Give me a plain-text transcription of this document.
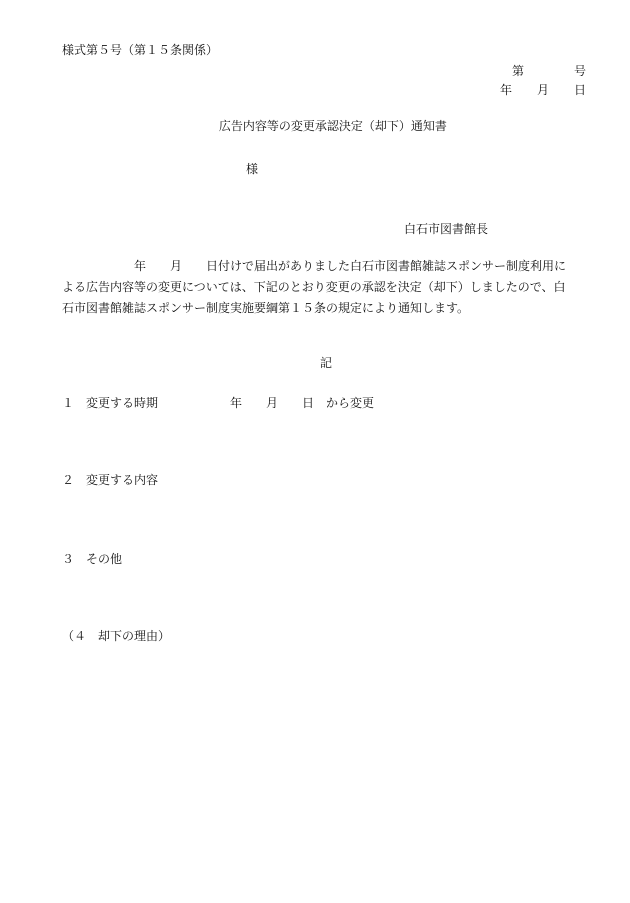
様式第５号（第１５条関係）
第	号
年 月 日

広告内容等の変更承認決定（却下）通知書

様
白石市図書館長
　　　　　　年　　月　　日付けで届出がありました白石市図書館雑誌スポンサー制度利用に
よる広告内容等の変更については、下記のとおり変更の承認を決定（却下）しましたので、白
石市図書館雑誌スポンサー制度実施要綱第１５条の規定により通知します。
記
１　変更する時期　　　　　　年　　月　　日　から変更
２　変更する内容
３　その他
（４　却下の理由）
